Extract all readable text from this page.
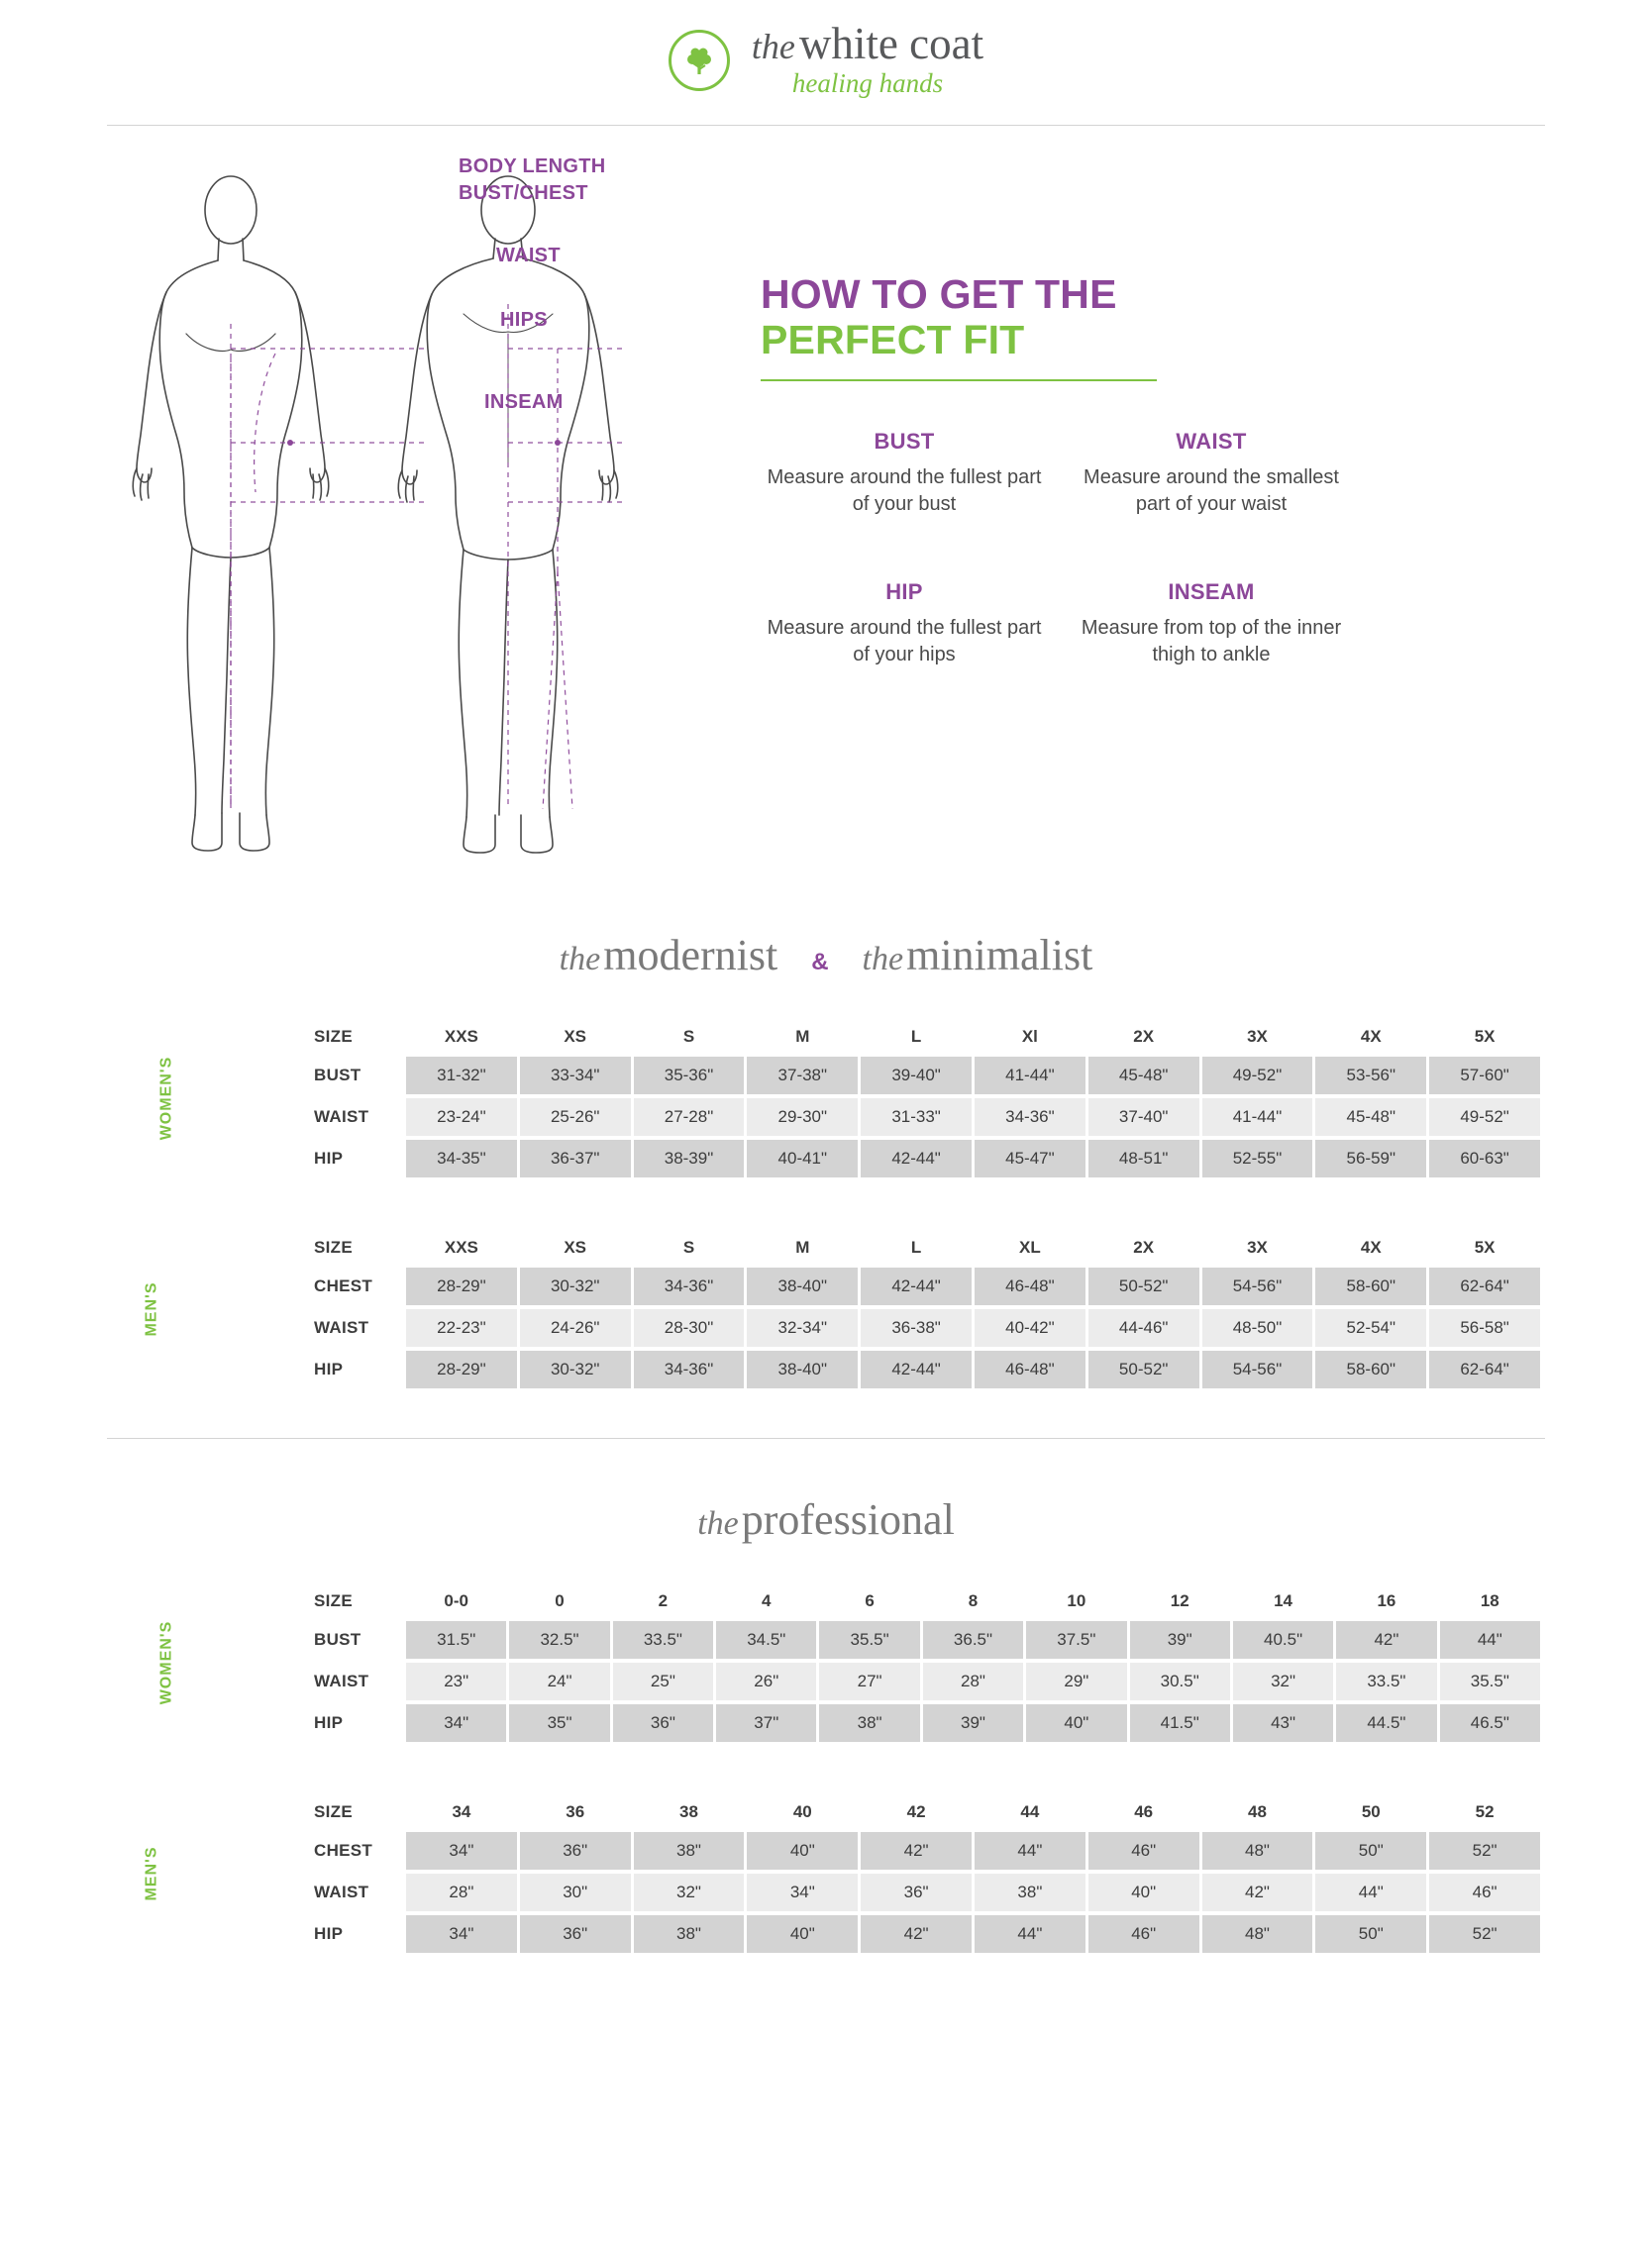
thewhite coat
healing hands
BODY LENGTH
BUST/CHEST
WAIST
HIPS
INSEAM
HOW TO GET THE
PERFECT FIT
BUST

Measure around the fullest part of your bust

WAIST

Measure around the smallest part of your waist

HIP

Measure around the fullest part of your hips

INSEAM

Measure from top of the inner thigh to ankle

themodernist & theminimalist
WOMEN'S
SIZE	XXS	XS	S	M	L	Xl	2X	3X	4X	5X
BUST	31-32"	33-34"	35-36"	37-38"	39-40"	41-44"	45-48"	49-52"	53-56"	57-60"
WAIST	23-24"	25-26"	27-28"	29-30"	31-33"	34-36"	37-40"	41-44"	45-48"	49-52"
HIP	34-35"	36-37"	38-39"	40-41"	42-44"	45-47"	48-51"	52-55"	56-59"	60-63"
MEN'S
SIZE	XXS	XS	S	M	L	XL	2X	3X	4X	5X
CHEST	28-29"	30-32"	34-36"	38-40"	42-44"	46-48"	50-52"	54-56"	58-60"	62-64"
WAIST	22-23"	24-26"	28-30"	32-34"	36-38"	40-42"	44-46"	48-50"	52-54"	56-58"
HIP	28-29"	30-32"	34-36"	38-40"	42-44"	46-48"	50-52"	54-56"	58-60"	62-64"
theprofessional
WOMEN'S
SIZE	0-0	0	2	4	6	8	10	12	14	16	18
BUST	31.5"	32.5"	33.5"	34.5"	35.5"	36.5"	37.5"	39"	40.5"	42"	44"
WAIST	23"	24"	25"	26"	27"	28"	29"	30.5"	32"	33.5"	35.5"
HIP	34"	35"	36"	37"	38"	39"	40"	41.5"	43"	44.5"	46.5"
MEN'S
SIZE	34	36	38	40	42	44	46	48	50	52
CHEST	34"	36"	38"	40"	42"	44"	46"	48"	50"	52"
WAIST	28"	30"	32"	34"	36"	38"	40"	42"	44"	46"
HIP	34"	36"	38"	40"	42"	44"	46"	48"	50"	52"
